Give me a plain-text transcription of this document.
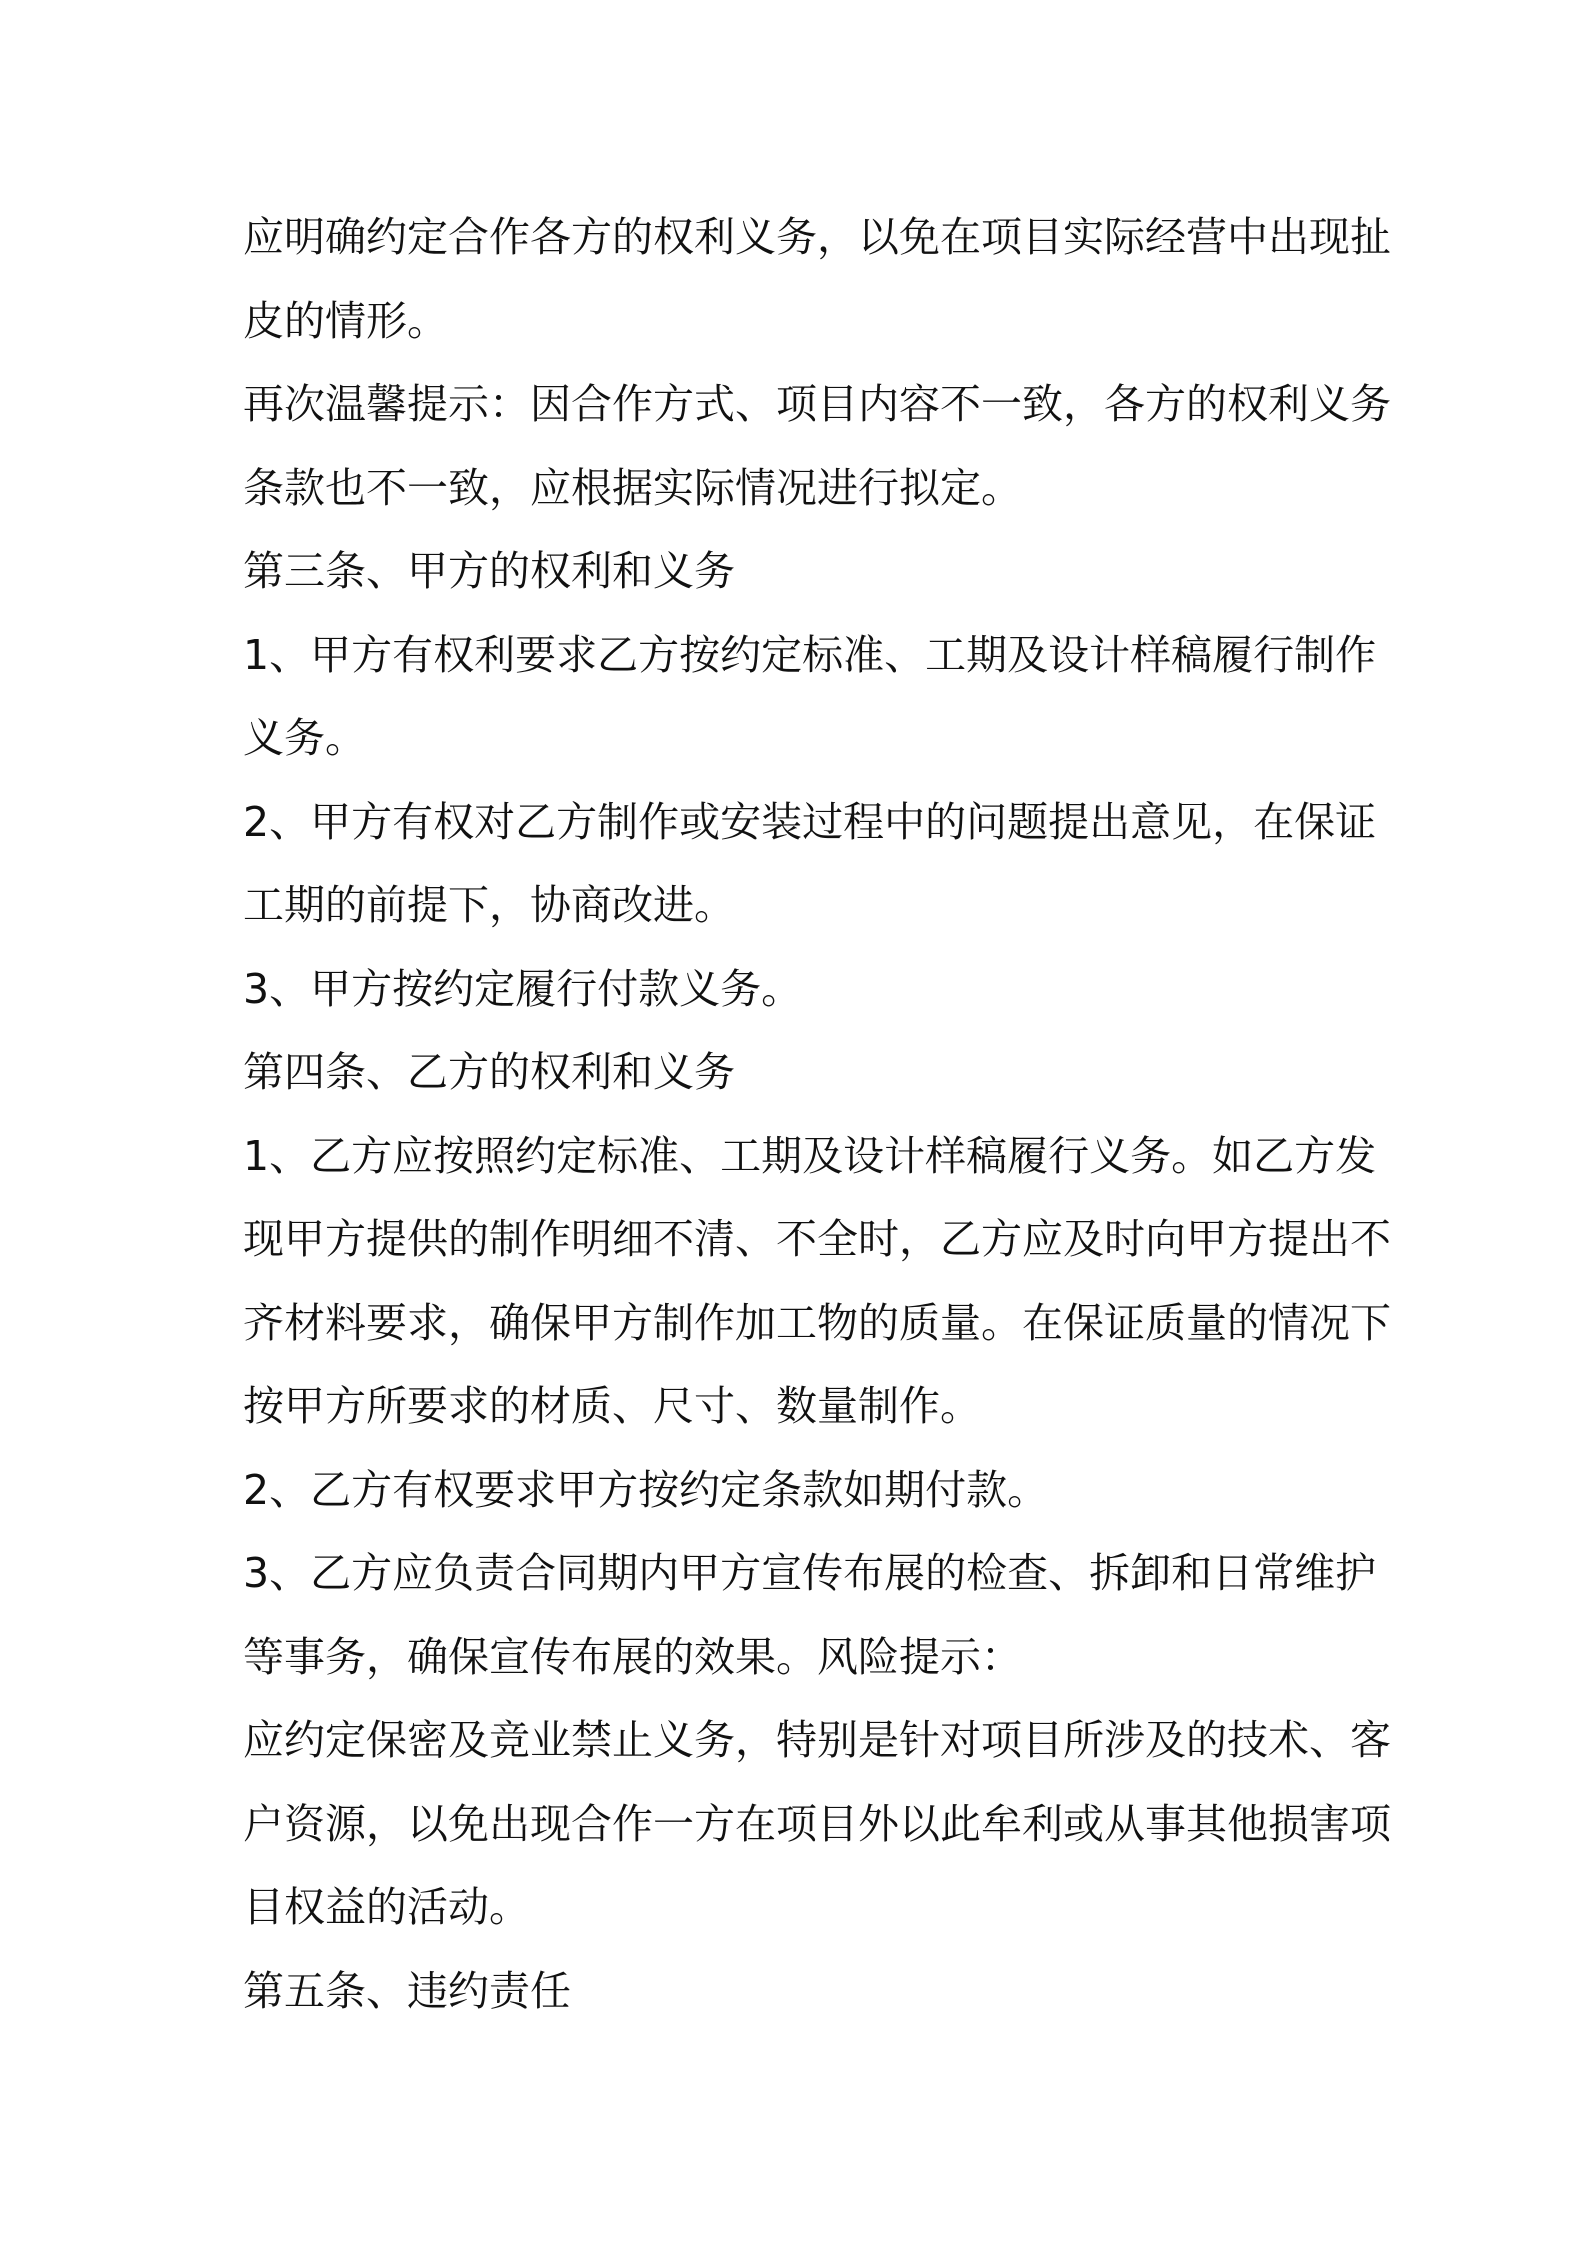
应明确约定合作各方的权利义务，以免在项目实际经营中出现扯

皮的情形。

再次温馨提示：因合作方式、项目内容不一致，各方的权利义务

条款也不一致，应根据实际情况进行拟定。

第三条、甲方的权利和义务

1、甲方有权利要求乙方按约定标准、工期及设计样稿履行制作

义务。

2、甲方有权对乙方制作或安装过程中的问题提出意见，在保证

工期的前提下，协商改进。

3、甲方按约定履行付款义务。

第四条、乙方的权利和义务

1、乙方应按照约定标准、工期及设计样稿履行义务。如乙方发

现甲方提供的制作明细不清、不全时，乙方应及时向甲方提出不

齐材料要求，确保甲方制作加工物的质量。在保证质量的情况下

按甲方所要求的材质、尺寸、数量制作。

2、乙方有权要求甲方按约定条款如期付款。

3、乙方应负责合同期内甲方宣传布展的检查、拆卸和日常维护

等事务，确保宣传布展的效果。风险提示：

应约定保密及竞业禁止义务，特别是针对项目所涉及的技术、客

户资源，以免出现合作一方在项目外以此牟利或从事其他损害项

目权益的活动。

第五条、违约责任
